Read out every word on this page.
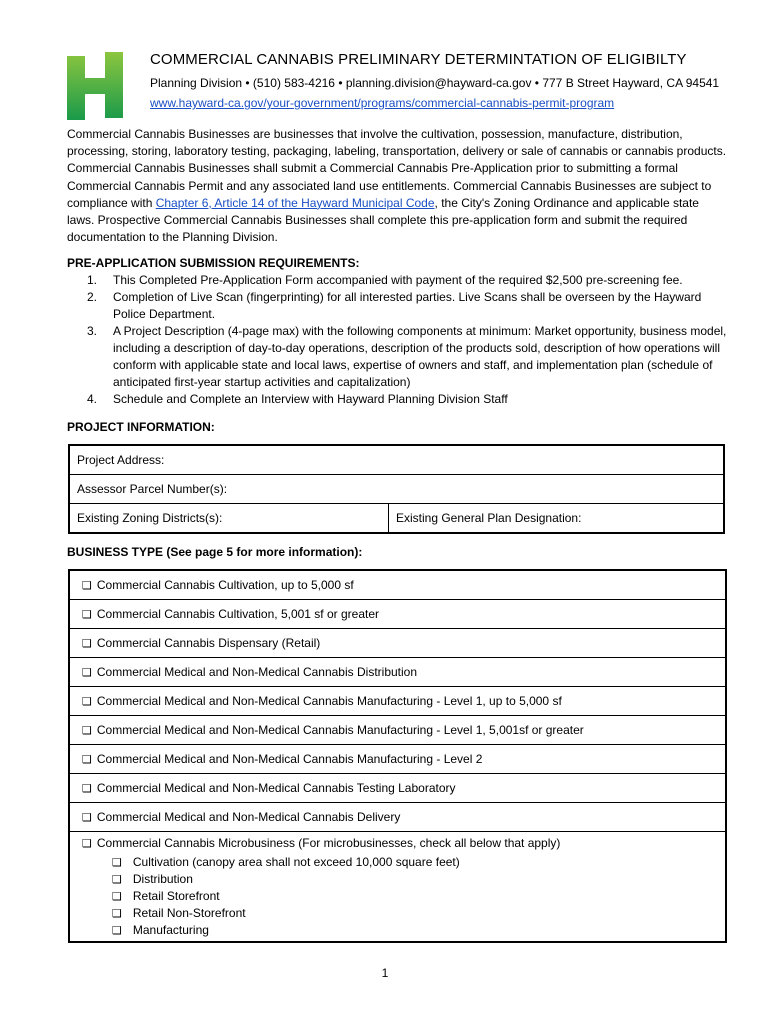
COMMERCIAL CANNABIS PRELIMINARY DETERMINTATION OF ELIGIBILTY
Planning Division • (510) 583-4216 • planning.division@hayward-ca.gov • 777 B Street Hayward, CA 94541
www.hayward-ca.gov/your-government/programs/commercial-cannabis-permit-program

Commercial Cannabis Businesses are businesses that involve the cultivation, possession, manufacture, distribution, processing, storing, laboratory testing, packaging, labeling, transportation, delivery or sale of cannabis or cannabis products. Commercial Cannabis Businesses shall submit a Commercial Cannabis Pre-Application prior to submitting a formal Commercial Cannabis Permit and any associated land use entitlements. Commercial Cannabis Businesses are subject to compliance with Chapter 6, Article 14 of the Hayward Municipal Code, the City's Zoning Ordinance and applicable state laws. Prospective Commercial Cannabis Businesses shall complete this pre-application form and submit the required documentation to the Planning Division.

PRE-APPLICATION SUBMISSION REQUIREMENTS:
1. This Completed Pre-Application Form accompanied with payment of the required $2,500 pre-screening fee.
2. Completion of Live Scan (fingerprinting) for all interested parties. Live Scans shall be overseen by the Hayward Police Department.
3. A Project Description (4-page max) with the following components at minimum: Market opportunity, business model, including a description of day-to-day operations, description of the products sold, description of how operations will conform with applicable state and local laws, expertise of owners and staff, and implementation plan (schedule of anticipated first-year startup activities and capitalization)
4. Schedule and Complete an Interview with Hayward Planning Division Staff
PROJECT INFORMATION:
Project Address:
Assessor Parcel Number(s):
Existing Zoning Districts(s):	Existing General Plan Designation:
BUSINESS TYPE (See page 5 for more information):
❑ Commercial Cannabis Cultivation, up to 5,000 sf
❑ Commercial Cannabis Cultivation, 5,001 sf or greater
❑ Commercial Cannabis Dispensary (Retail)
❑ Commercial Medical and Non-Medical Cannabis Distribution
❑ Commercial Medical and Non-Medical Cannabis Manufacturing - Level 1, up to 5,000 sf
❑ Commercial Medical and Non-Medical Cannabis Manufacturing - Level 1, 5,001sf or greater
❑ Commercial Medical and Non-Medical Cannabis Manufacturing - Level 2
❑ Commercial Medical and Non-Medical Cannabis Testing Laboratory
❑ Commercial Medical and Non-Medical Cannabis Delivery
❑ Commercial Cannabis Microbusiness (For microbusinesses, check all below that apply)
❑ Cultivation (canopy area shall not exceed 10,000 square feet)
❑ Distribution
❑ Retail Storefront
❑ Retail Non-Storefront
❑ Manufacturing
1
